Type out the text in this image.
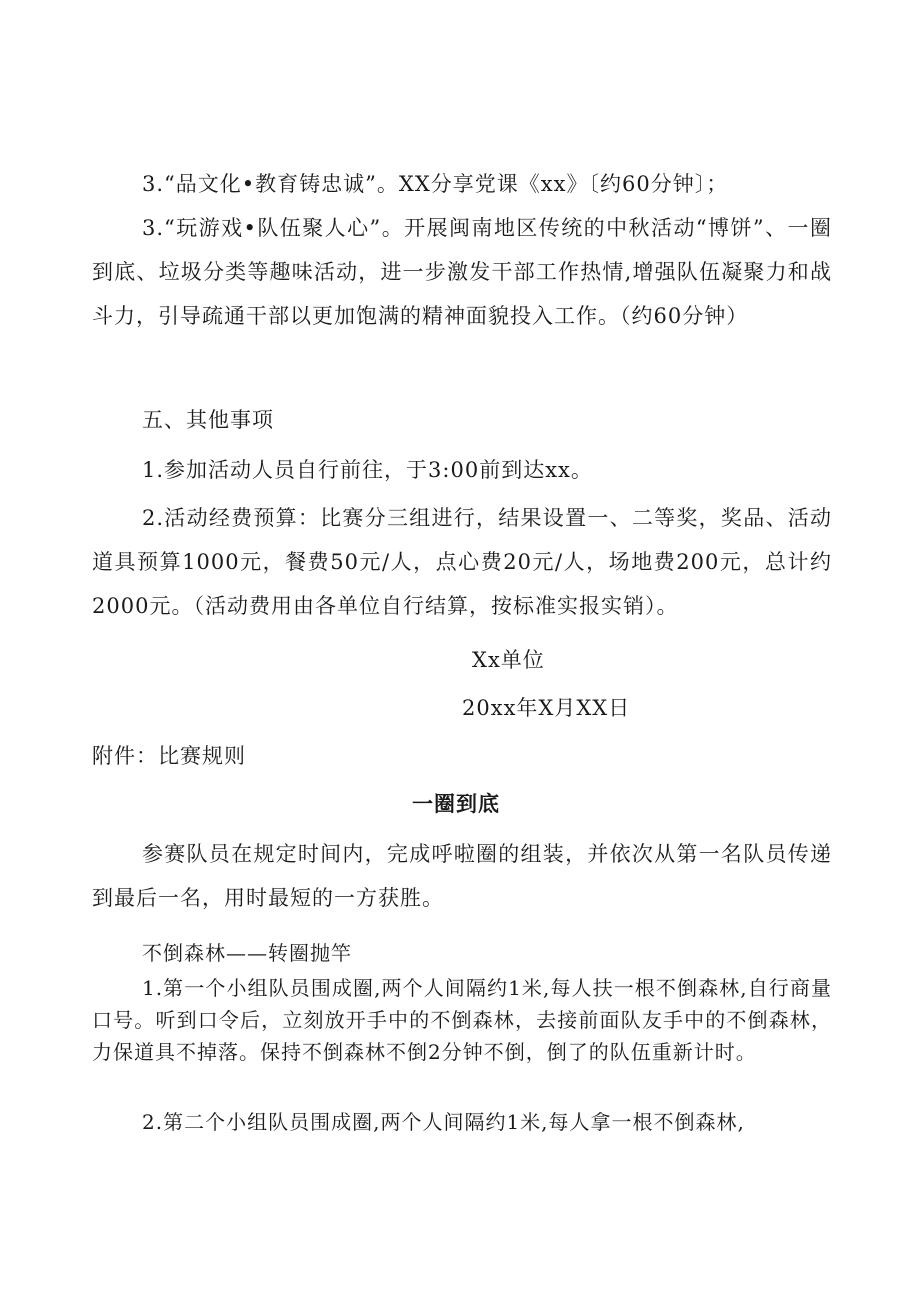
3.“品文化•教育铸忠诚”。XX分享党课《xx》〔约60分钟〕；

3.“玩游戏•队伍聚人心”。开展闽南地区传统的中秋活动“博饼”、一圈到底、垃圾分类等趣味活动，进一步激发干部工作热情,增强队伍凝聚力和战斗力，引导疏通干部以更加饱满的精神面貌投入工作。（约60分钟）

五、其他事项

1.参加活动人员自行前往，于3:00前到达xx。

2.活动经费预算：比赛分三组进行，结果设置一、二等奖，奖品、活动道具预算1000元，餐费50元/人，点心费20元/人，场地费200元，总计约2000元。（活动费用由各单位自行结算，按标准实报实销）。

Xx单位

20xx年X月XX日

附件：比赛规则

一圈到底

参赛队员在规定时间内，完成呼啦圈的组装，并依次从第一名队员传递到最后一名，用时最短的一方获胜。

不倒森林——转圈抛竿

1.第一个小组队员围成圈,两个人间隔约1米,每人扶一根不倒森林,自行商量口号。听到口令后，立刻放开手中的不倒森林，去接前面队友手中的不倒森林，力保道具不掉落。保持不倒森林不倒2分钟不倒，倒了的队伍重新计时。

2.第二个小组队员围成圈,两个人间隔约1米,每人拿一根不倒森林,
